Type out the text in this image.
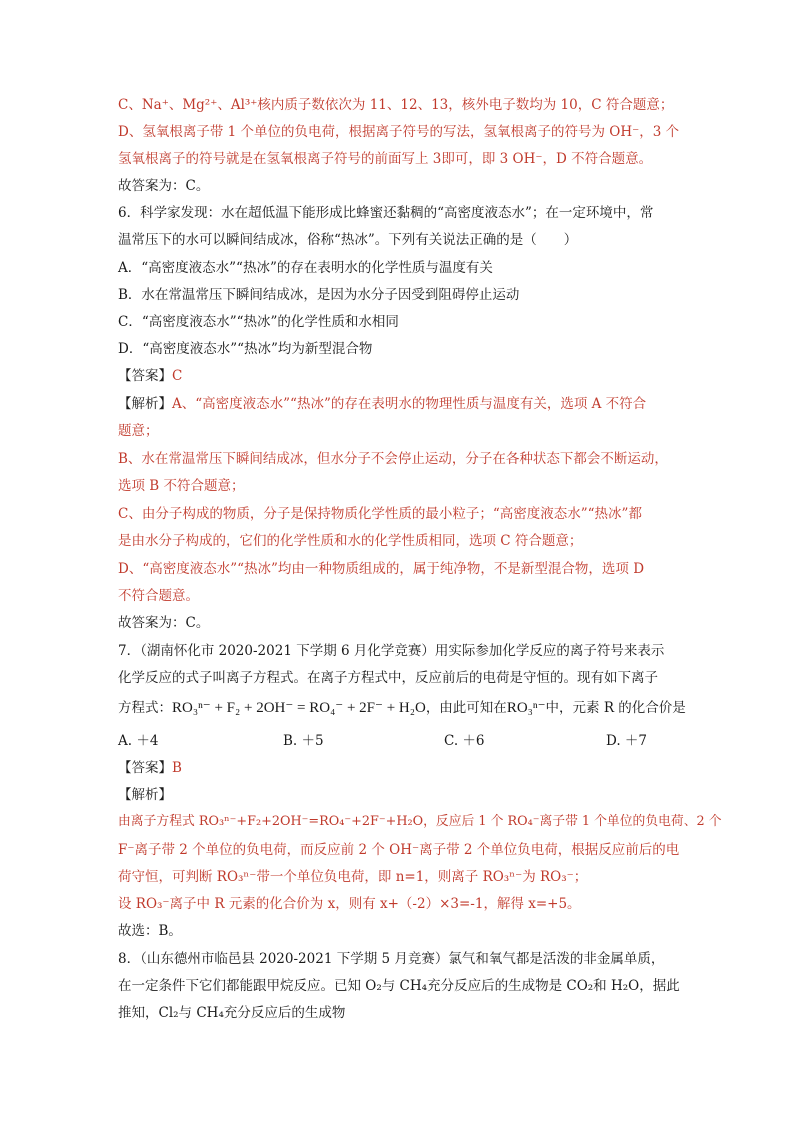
C、Na⁺、Mg²⁺、Al³⁺核内质子数依次为 11、12、13，核外电子数均为 10，C 符合题意；
D、氢氧根离子带 1 个单位的负电荷，根据离子符号的写法，氢氧根离子的符号为 OH⁻，3 个
氢氧根离子的符号就是在氢氧根离子符号的前面写上 3即可，即 3 OH⁻，D 不符合题意。
故答案为：C。
6．科学家发现：水在超低温下能形成比蜂蜜还黏稠的“高密度液态水”；在一定环境中，常
温常压下的水可以瞬间结成冰，俗称“热冰”。下列有关说法正确的是（　　）
A．“高密度液态水”“热冰”的存在表明水的化学性质与温度有关
B．水在常温常压下瞬间结成冰，是因为水分子因受到阻碍停止运动
C．“高密度液态水”“热冰”的化学性质和水相同
D．“高密度液态水”“热冰”均为新型混合物
【答案】C
【解析】A、“高密度液态水”“热冰”的存在表明水的物理性质与温度有关，选项 A 不符合
题意；
B、水在常温常压下瞬间结成冰，但水分子不会停止运动，分子在各种状态下都会不断运动，
选项 B 不符合题意；
C、由分子构成的物质，分子是保持物质化学性质的最小粒子；“高密度液态水”“热冰”都
是由水分子构成的，它们的化学性质和水的化学性质相同，选项 C 符合题意；
D、“高密度液态水”“热冰”均由一种物质组成的，属于纯净物，不是新型混合物，选项 D
不符合题意。
故答案为：C。
7．（湖南怀化市 2020-2021 下学期 6 月化学竞赛）用实际参加化学反应的离子符号来表示
化学反应的式子叫离子方程式。在离子方程式中，反应前后的电荷是守恒的。现有如下离子
方程式：RO₃ⁿ⁻ + F₂ + 2OH⁻ = RO₄⁻ + 2F⁻ + H₂O，由此可知在RO₃ⁿ⁻中，元素 R 的化合价是
A. ＋4	B. ＋5	C. ＋6	D. ＋7
【答案】B
【解析】
由离子方程式 RO₃ⁿ⁻+F₂+2OH⁻=RO₄⁻+2F⁻+H₂O，反应后 1 个 RO₄⁻离子带 1 个单位的负电荷、2 个
F⁻离子带 2 个单位的负电荷，而反应前 2 个 OH⁻离子带 2 个单位负电荷，根据反应前后的电
荷守恒，可判断 RO₃ⁿ⁻带一个单位负电荷，即 n=1，则离子 RO₃ⁿ⁻为 RO₃⁻；
设 RO₃⁻离子中 R 元素的化合价为 x，则有 x+（-2）×3=-1，解得 x=+5。
故选：B。
8．（山东德州市临邑县 2020-2021 下学期 5 月竞赛）氯气和氧气都是活泼的非金属单质，
在一定条件下它们都能跟甲烷反应。已知 O₂与 CH₄充分反应后的生成物是 CO₂和 H₂O，据此
推知，Cl₂与 CH₄充分反应后的生成物
